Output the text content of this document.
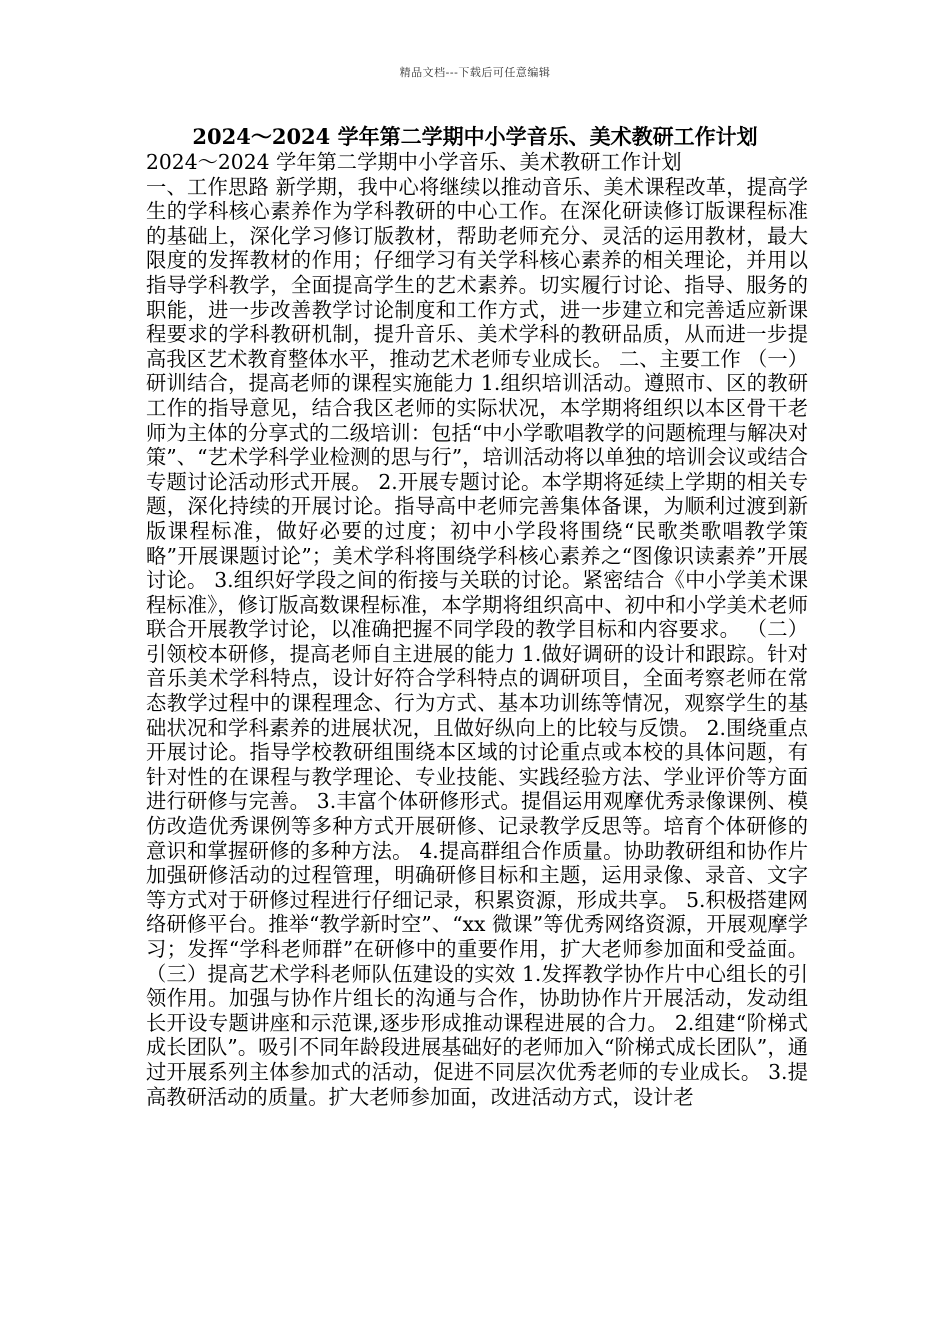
精品文档---下载后可任意编辑
2024～2024 学年第二学期中小学音乐、美术教研工作计划

2024～2024 学年第二学期中小学音乐、美术教研工作计划

一、工作思路 新学期，我中心将继续以推动音乐、美术课程改革，提高学生的学科核心素养作为学科教研的中心工作。在深化研读修订版课程标准的基础上，深化学习修订版教材，帮助老师充分、灵活的运用教材，最大限度的发挥教材的作用；仔细学习有关学科核心素养的相关理论，并用以指导学科教学，全面提高学生的艺术素养。切实履行讨论、指导、服务的职能，进一步改善教学讨论制度和工作方式，进一步建立和完善适应新课程要求的学科教研机制，提升音乐、美术学科的教研品质，从而进一步提高我区艺术教育整体水平，推动艺术老师专业成长。 二、主要工作 （一）研训结合，提高老师的课程实施能力 1.组织培训活动。遵照市、区的教研工作的指导意见，结合我区老师的实际状况，本学期将组织以本区骨干老师为主体的分享式的二级培训：包括“中小学歌唱教学的问题梳理与解决对策”、“艺术学科学业检测的思与行”，培训活动将以单独的培训会议或结合专题讨论活动形式开展。 2.开展专题讨论。本学期将延续上学期的相关专题，深化持续的开展讨论。指导高中老师完善集体备课，为顺利过渡到新版课程标准，做好必要的过度；初中小学段将围绕“民歌类歌唱教学策略”开展课题讨论”；美术学科将围绕学科核心素养之“图像识读素养”开展讨论。 3.组织好学段之间的衔接与关联的讨论。紧密结合《中小学美术课程标准》，修订版高数课程标准，本学期将组织高中、初中和小学美术老师联合开展教学讨论，以准确把握不同学段的教学目标和内容要求。 （二）引领校本研修，提高老师自主进展的能力 1.做好调研的设计和跟踪。针对音乐美术学科特点，设计好符合学科特点的调研项目，全面考察老师在常态教学过程中的课程理念、行为方式、基本功训练等情况，观察学生的基础状况和学科素养的进展状况，且做好纵向上的比较与反馈。 2.围绕重点开展讨论。指导学校教研组围绕本区域的讨论重点或本校的具体问题，有针对性的在课程与教学理论、专业技能、实践经验方法、学业评价等方面进行研修与完善。 3.丰富个体研修形式。提倡运用观摩优秀录像课例、模仿改造优秀课例等多种方式开展研修、记录教学反思等。培育个体研修的意识和掌握研修的多种方法。 4.提高群组合作质量。协助教研组和协作片加强研修活动的过程管理，明确研修目标和主题，运用录像、录音、文字等方式对于研修过程进行仔细记录，积累资源，形成共享。 5.积极搭建网络研修平台。推举“教学新时空”、“xx 微课”等优秀网络资源，开展观摩学习；发挥“学科老师群”在研修中的重要作用，扩大老师参加面和受益面。 （三）提高艺术学科老师队伍建设的实效 1.发挥教学协作片中心组长的引领作用。加强与协作片组长的沟通与合作，协助协作片开展活动，发动组长开设专题讲座和示范课,逐步形成推动课程进展的合力。 2.组建“阶梯式成长团队”。吸引不同年龄段进展基础好的老师加入“阶梯式成长团队”，通过开展系列主体参加式的活动，促进不同层次优秀老师的专业成长。 3.提高教研活动的质量。扩大老师参加面，改进活动方式，设计老
